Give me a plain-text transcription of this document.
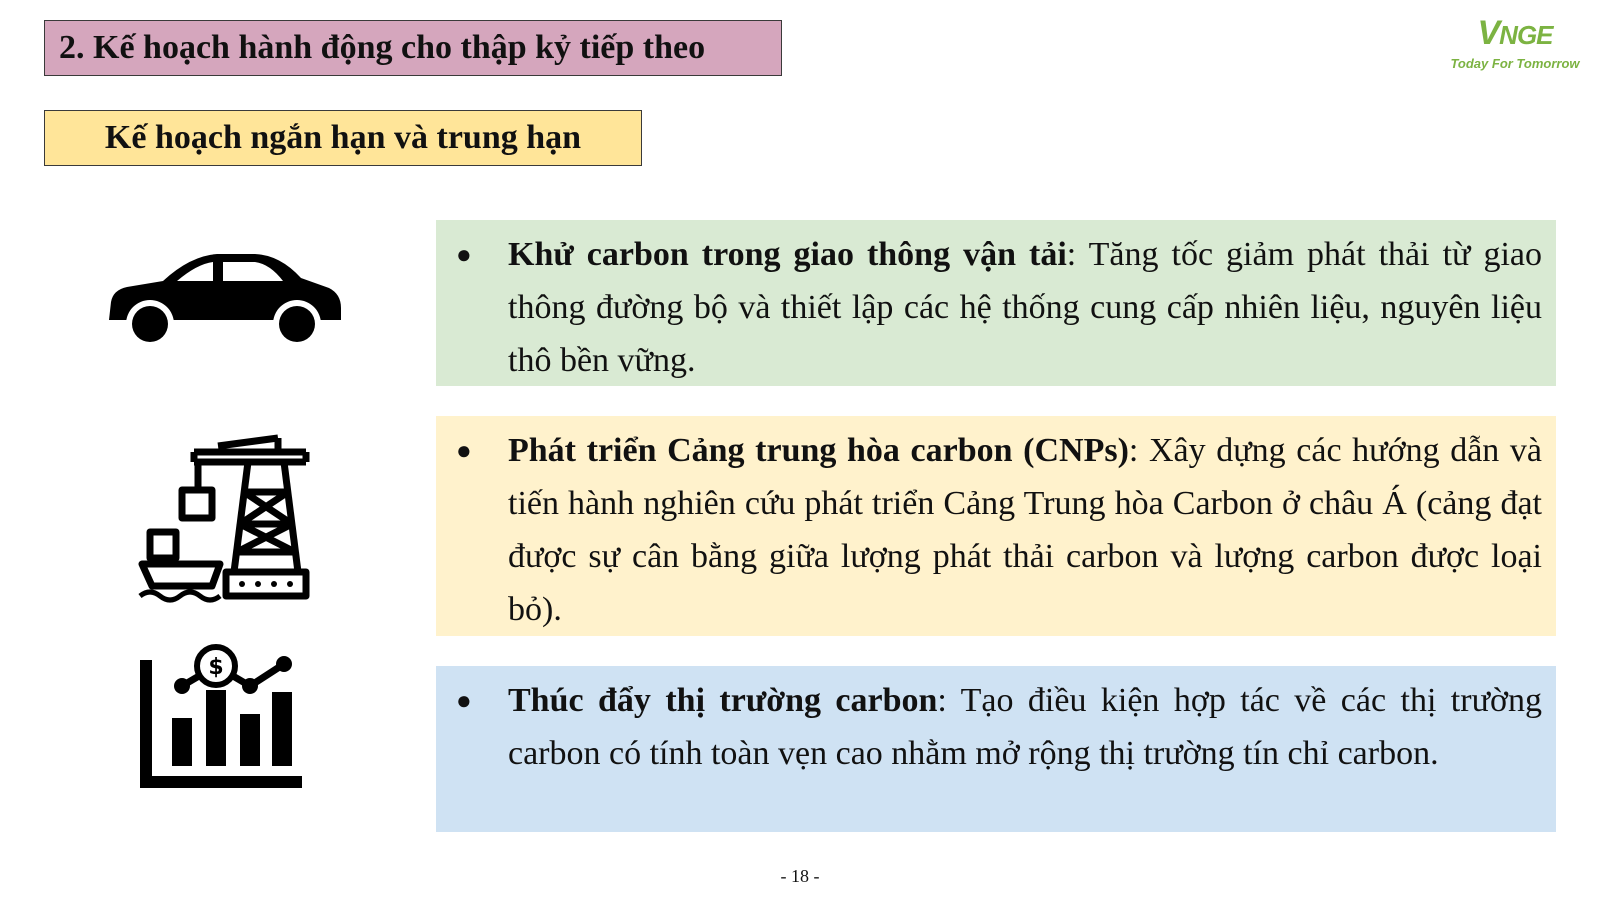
2. Kế hoạch hành động cho thập kỷ tiếp theo
Kế hoạch ngắn hạn và trung hạn
VNGE
Today For Tomorrow
$
● Khử carbon trong giao thông vận tải: Tăng tốc giảm phát thải từ giao thông đường bộ và thiết lập các hệ thống cung cấp nhiên liệu, nguyên liệu thô bền vững.
● Phát triển Cảng trung hòa carbon (CNPs): Xây dựng các hướng dẫn và tiến hành nghiên cứu phát triển Cảng Trung hòa Carbon ở châu Á (cảng đạt được sự cân bằng giữa lượng phát thải carbon và lượng carbon được loại bỏ).
● Thúc đẩy thị trường carbon: Tạo điều kiện hợp tác về các thị trường carbon có tính toàn vẹn cao nhằm mở rộng thị trường tín chỉ carbon.
- 18 -
